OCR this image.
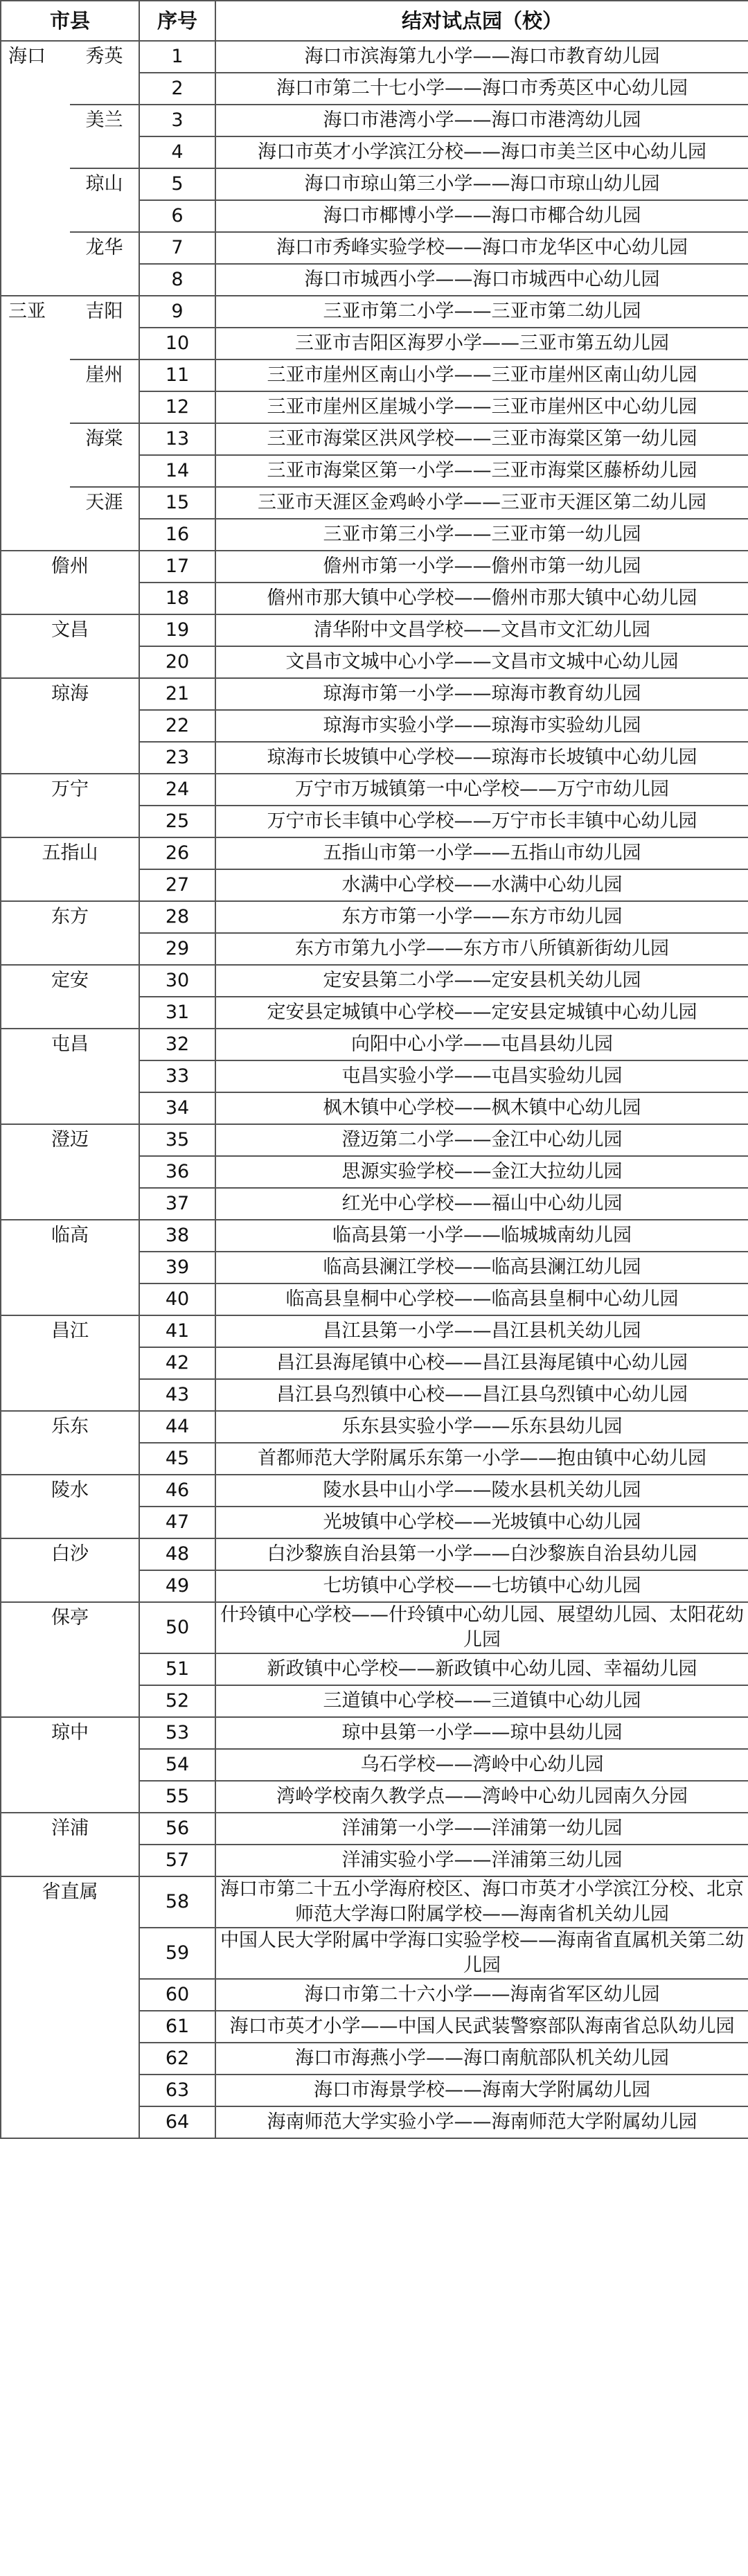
市县		序号	结对试点园（校）
海口	秀英	1	海口市滨海第九小学——海口市教育幼儿园
		2	海口市第二十七小学——海口市秀英区中心幼儿园
	美兰	3	海口市港湾小学——海口市港湾幼儿园
		4	海口市英才小学滨江分校——海口市美兰区中心幼儿园
	琼山	5	海口市琼山第三小学——海口市琼山幼儿园
		6	海口市椰博小学——海口市椰合幼儿园
	龙华	7	海口市秀峰实验学校——海口市龙华区中心幼儿园
		8	海口市城西小学——海口市城西中心幼儿园
三亚	吉阳	9	三亚市第二小学——三亚市第二幼儿园
		10	三亚市吉阳区海罗小学——三亚市第五幼儿园
	崖州	11	三亚市崖州区南山小学——三亚市崖州区南山幼儿园
		12	三亚市崖州区崖城小学——三亚市崖州区中心幼儿园
	海棠	13	三亚市海棠区洪风学校——三亚市海棠区第一幼儿园
		14	三亚市海棠区第一小学——三亚市海棠区藤桥幼儿园
	天涯	15	三亚市天涯区金鸡岭小学——三亚市天涯区第二幼儿园
		16	三亚市第三小学——三亚市第一幼儿园
儋州		17	儋州市第一小学——儋州市第一幼儿园
		18	儋州市那大镇中心学校——儋州市那大镇中心幼儿园
文昌		19	清华附中文昌学校——文昌市文汇幼儿园
		20	文昌市文城中心小学——文昌市文城中心幼儿园
琼海		21	琼海市第一小学——琼海市教育幼儿园
		22	琼海市实验小学——琼海市实验幼儿园
		23	琼海市长坡镇中心学校——琼海市长坡镇中心幼儿园
万宁		24	万宁市万城镇第一中心学校——万宁市幼儿园
		25	万宁市长丰镇中心学校——万宁市长丰镇中心幼儿园
五指山		26	五指山市第一小学——五指山市幼儿园
		27	水满中心学校——水满中心幼儿园
东方		28	东方市第一小学——东方市幼儿园
		29	东方市第九小学——东方市八所镇新街幼儿园
定安		30	定安县第二小学——定安县机关幼儿园
		31	定安县定城镇中心学校——定安县定城镇中心幼儿园
屯昌		32	向阳中心小学——屯昌县幼儿园
		33	屯昌实验小学——屯昌实验幼儿园
		34	枫木镇中心学校——枫木镇中心幼儿园
澄迈		35	澄迈第二小学——金江中心幼儿园
		36	思源实验学校——金江大拉幼儿园
		37	红光中心学校——福山中心幼儿园
临高		38	临高县第一小学——临城城南幼儿园
		39	临高县澜江学校——临高县澜江幼儿园
		40	临高县皇桐中心学校——临高县皇桐中心幼儿园
昌江		41	昌江县第一小学——昌江县机关幼儿园
		42	昌江县海尾镇中心校——昌江县海尾镇中心幼儿园
		43	昌江县乌烈镇中心校——昌江县乌烈镇中心幼儿园
乐东		44	乐东县实验小学——乐东县幼儿园
		45	首都师范大学附属乐东第一小学——抱由镇中心幼儿园
陵水		46	陵水县中山小学——陵水县机关幼儿园
		47	光坡镇中心学校——光坡镇中心幼儿园
白沙		48	白沙黎族自治县第一小学——白沙黎族自治县幼儿园
		49	七坊镇中心学校——七坊镇中心幼儿园
保亭		50	什玲镇中心学校——什玲镇中心幼儿园、展望幼儿园、太阳花幼儿园
		51	新政镇中心学校——新政镇中心幼儿园、幸福幼儿园
		52	三道镇中心学校——三道镇中心幼儿园
琼中		53	琼中县第一小学——琼中县幼儿园
		54	乌石学校——湾岭中心幼儿园
		55	湾岭学校南久教学点——湾岭中心幼儿园南久分园
洋浦		56	洋浦第一小学——洋浦第一幼儿园
		57	洋浦实验小学——洋浦第三幼儿园
省直属		58	海口市第二十五小学海府校区、海口市英才小学滨江分校、北京师范大学海口附属学校——海南省机关幼儿园
		59	中国人民大学附属中学海口实验学校——海南省直属机关第二幼儿园
		60	海口市第二十六小学——海南省军区幼儿园
		61	海口市英才小学——中国人民武装警察部队海南省总队幼儿园
		62	海口市海燕小学——海口南航部队机关幼儿园
		63	海口市海景学校——海南大学附属幼儿园
		64	海南师范大学实验小学——海南师范大学附属幼儿园
